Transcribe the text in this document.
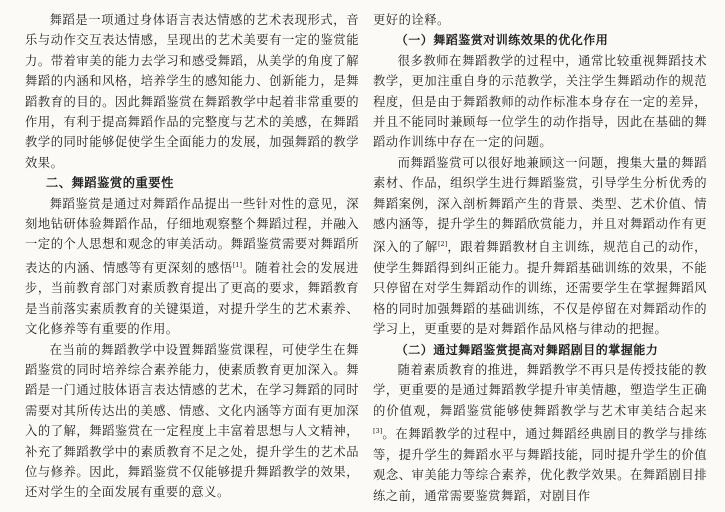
舞蹈是一项通过身体语言表达情感的艺术表现形式，音乐与动作交互表达情感，呈现出的艺术美要有一定的鉴赏能力。带着审美的能力去学习和感受舞蹈，从美学的角度了解舞蹈的内涵和风格，培养学生的感知能力、创新能力，是舞蹈教育的目的。因此舞蹈鉴赏在舞蹈教学中起着非常重要的作用，有利于提高舞蹈作品的完整度与艺术的美感，在舞蹈教学的同时能够促使学生全面能力的发展，加强舞蹈的教学效果。

二、舞蹈鉴赏的重要性

舞蹈鉴赏是通过对舞蹈作品提出一些针对性的意见，深刻地钻研体验舞蹈作品，仔细地观察整个舞蹈过程，并融入一定的个人思想和观念的审美活动。舞蹈鉴赏需要对舞蹈所表达的内涵、情感等有更深刻的感悟[1]。随着社会的发展进步，当前教育部门对素质教育提出了更高的要求，舞蹈教育是当前落实素质教育的关键渠道，对提升学生的艺术素养、文化修养等有重要的作用。

在当前的舞蹈教学中设置舞蹈鉴赏课程，可使学生在舞蹈鉴赏的同时培养综合素养能力，使素质教育更加深入。舞蹈是一门通过肢体语言表达情感的艺术，在学习舞蹈的同时需要对其所传达出的美感、情感、文化内涵等方面有更加深入的了解，舞蹈鉴赏在一定程度上丰富着思想与人文精神，补充了舞蹈教学中的素质教育不足之处，提升学生的艺术品位与修养。因此，舞蹈鉴赏不仅能够提升舞蹈教学的效果，还对学生的全面发展有重要的意义。

更好的诠释。

（一）舞蹈鉴赏对训练效果的优化作用

很多教师在舞蹈教学的过程中，通常比较重视舞蹈技术教学，更加注重自身的示范教学，关注学生舞蹈动作的规范程度，但是由于舞蹈教师的动作标准本身存在一定的差异，并且不能同时兼顾每一位学生的动作指导，因此在基础的舞蹈动作训练中存在一定的问题。

而舞蹈鉴赏可以很好地兼顾这一问题，搜集大量的舞蹈素材、作品，组织学生进行舞蹈鉴赏，引导学生分析优秀的舞蹈案例，深入剖析舞蹈产生的背景、类型、艺术价值、情感内涵等，提升学生的舞蹈欣赏能力，并且对舞蹈动作有更深入的了解[2]，跟着舞蹈教材自主训练，规范自己的动作，使学生舞蹈得到纠正能力。提升舞蹈基础训练的效果，不能只停留在对学生舞蹈动作的训练，还需要学生在掌握舞蹈风格的同时加强舞蹈的基础训练，不仅是停留在对舞蹈动作的学习上，更重要的是对舞蹈作品风格与律动的把握。

（二）通过舞蹈鉴赏提高对舞蹈剧目的掌握能力

随着素质教育的推进，舞蹈教学不再只是传授技能的教学，更重要的是通过舞蹈教学提升审美情趣，塑造学生正确的价值观，舞蹈鉴赏能够使舞蹈教学与艺术审美结合起来[3]。在舞蹈教学的过程中，通过舞蹈经典剧目的教学与排练等，提升学生的舞蹈水平与舞蹈技能，同时提升学生的价值观念、审美能力等综合素养，优化教学效果。在舞蹈剧目排练之前，通常需要鉴赏舞蹈，对剧目作
